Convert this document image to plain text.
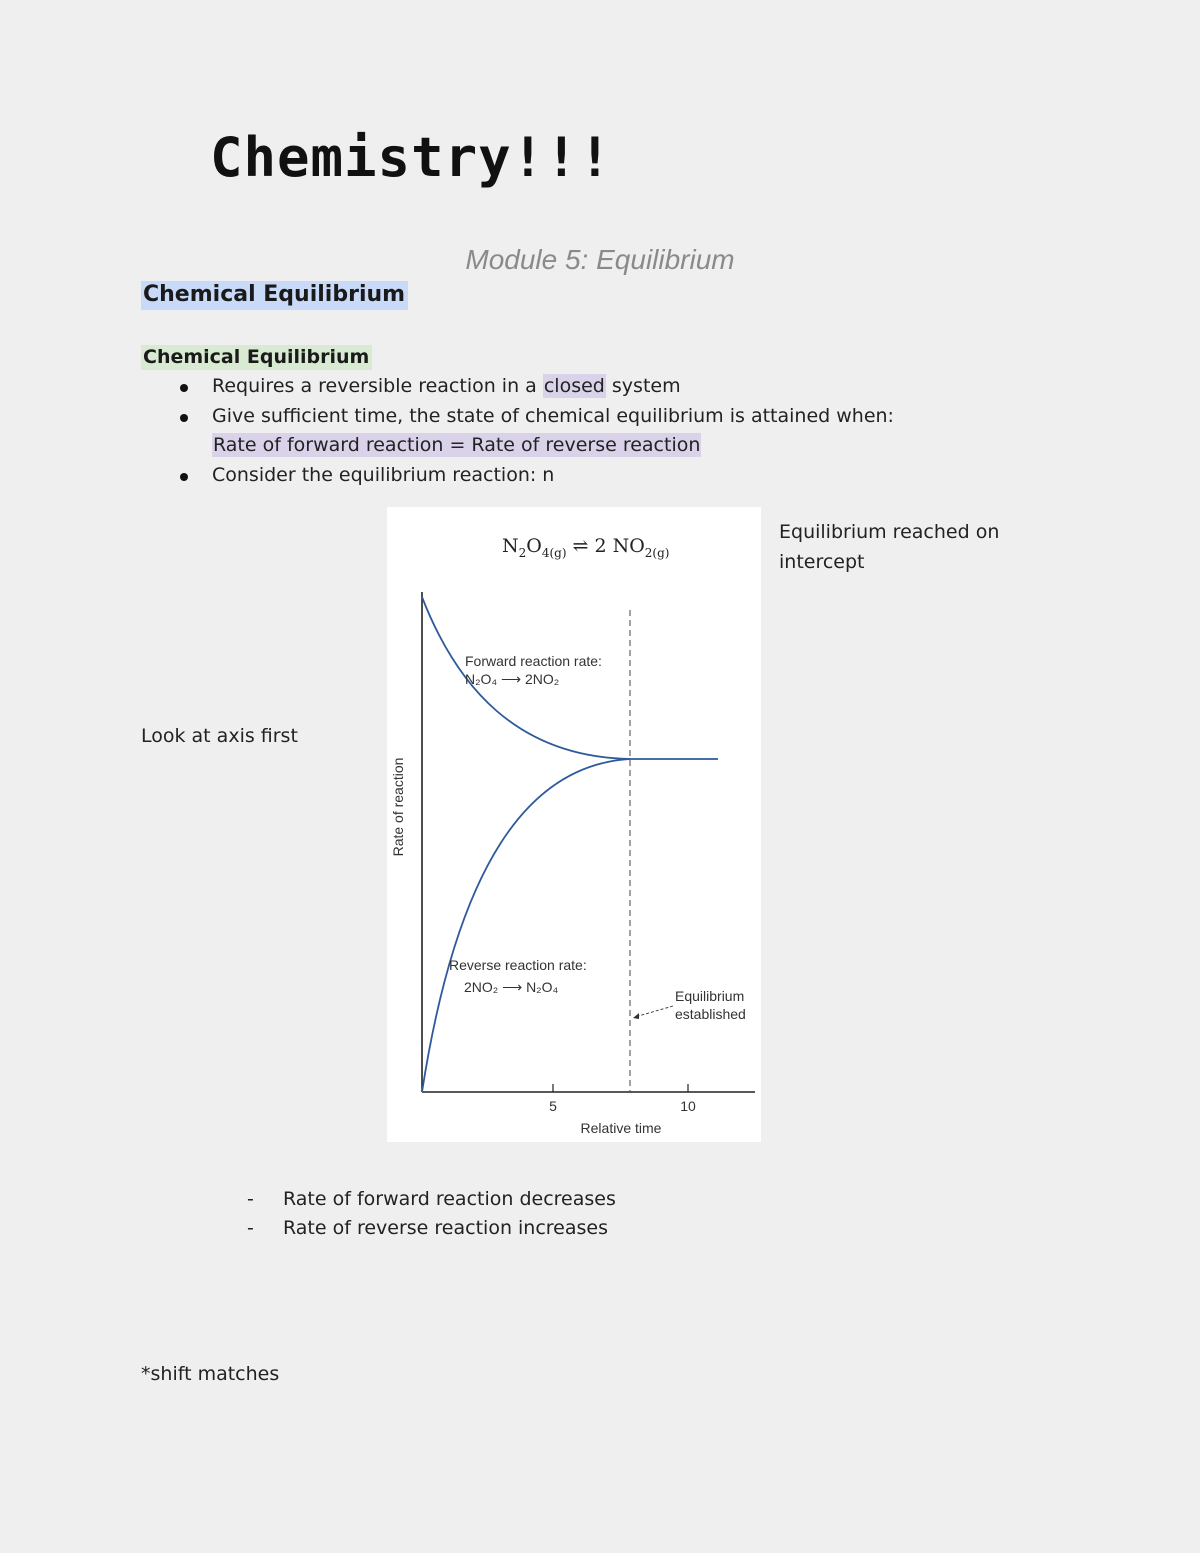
Chemistry!!!
Module 5: Equilibrium
Chemical Equilibrium
Chemical Equilibrium
Requires a reversible reaction in a closed system
Give sufficient time, the state of chemical equilibrium is attained when:
Rate of forward reaction = Rate of reverse reaction
Consider the equilibrium reaction: n
Equilibrium reached on intercept
Look at axis first
$N_2O_{4(g)}$ ⇌ 2 $NO_{2(g)}$
Forward reaction rate:
N₂O₄ ⟶ 2NO₂
Reverse reaction rate:
2NO₂ ⟶ N₂O₄
Equilibrium
established
5	10
Relative time
Rate of reaction
- Rate of forward reaction decreases
- Rate of reverse reaction increases
*shift matches
